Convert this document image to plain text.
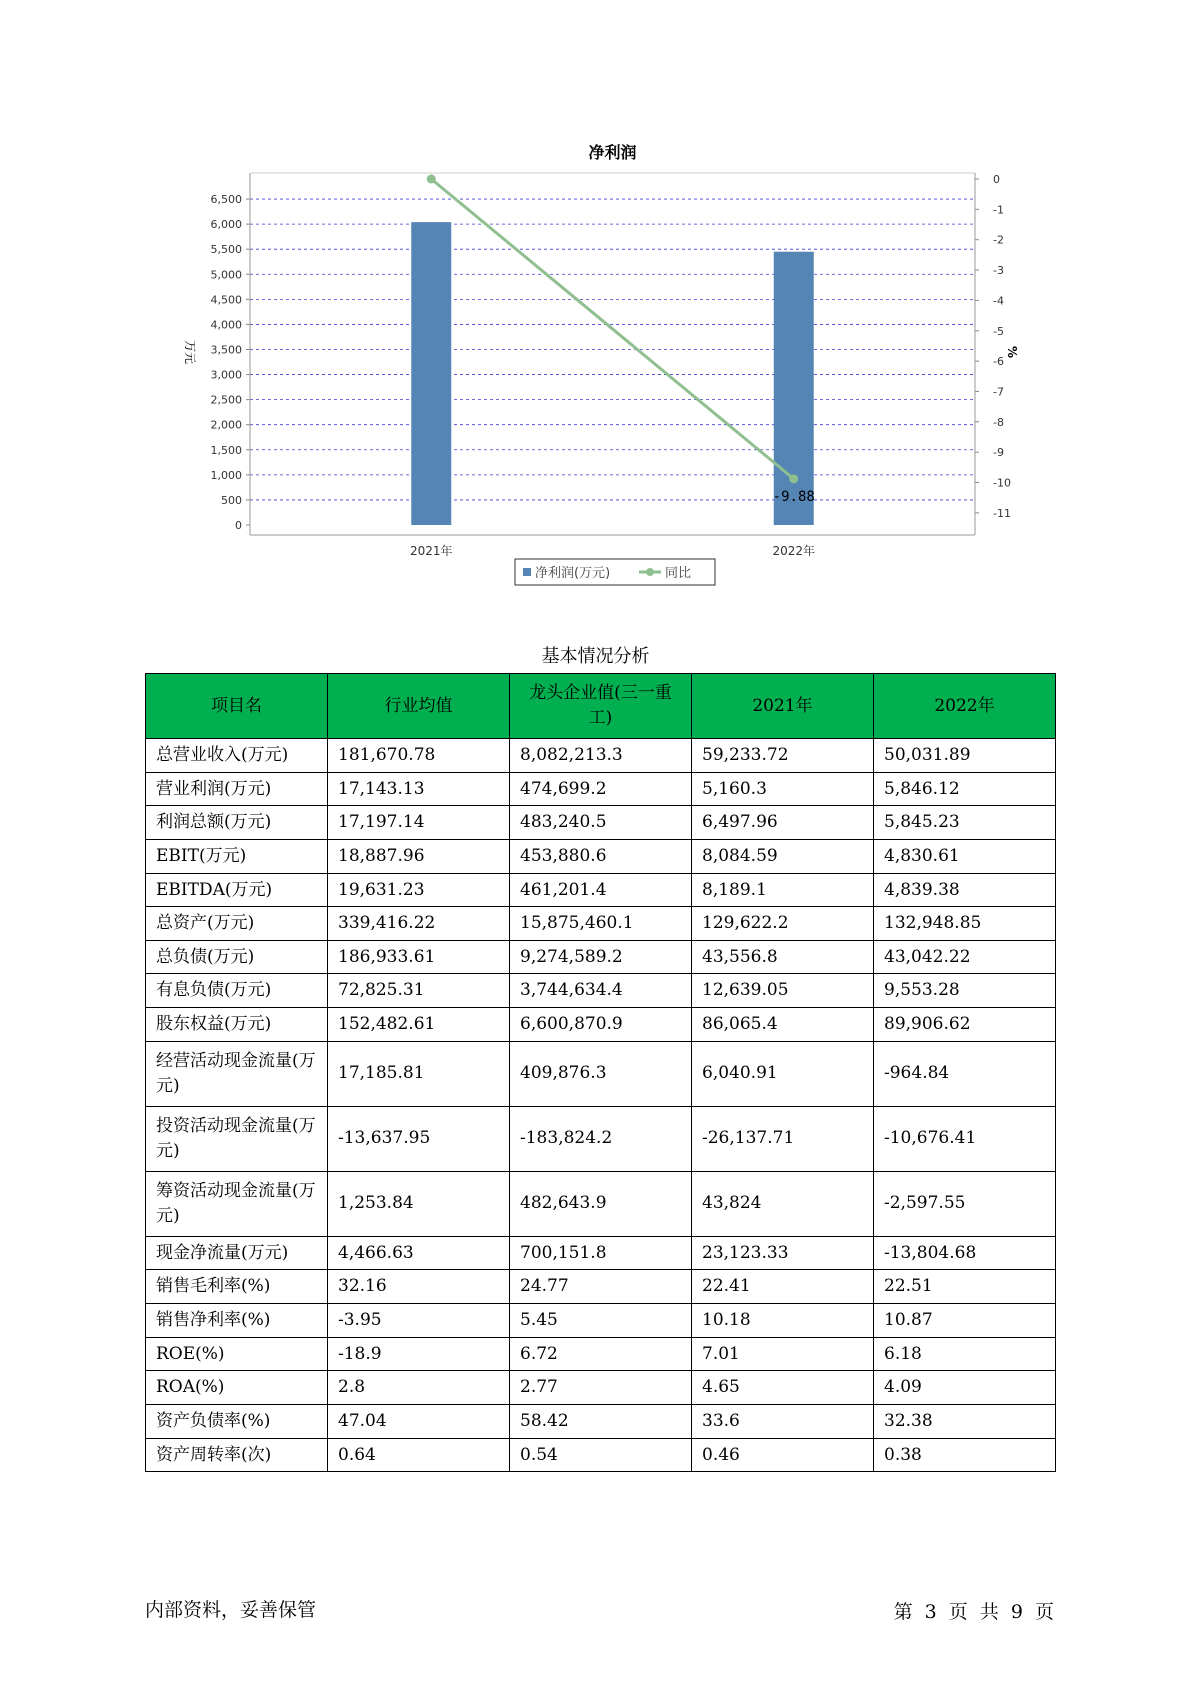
净利润
0
500
1,000
1,500
2,000
2,500
3,000
3,500
4,000
4,500
5,000
5,500
6,000
6,500
0
-1
-2
-3
-4
-5
-6
-7
-8
-9
-10
-11
万元	%
2021年	2022年
-9.88
净利润(万元)	同比
基本情况分析
项目名	行业均值	龙头企业值(三一重工)	2021年	2022年
总营业收入(万元)	181,670.78	8,082,213.3	59,233.72	50,031.89
营业利润(万元)	17,143.13	474,699.2	5,160.3	5,846.12
利润总额(万元)	17,197.14	483,240.5	6,497.96	5,845.23
EBIT(万元)	18,887.96	453,880.6	8,084.59	4,830.61
EBITDA(万元)	19,631.23	461,201.4	8,189.1	4,839.38
总资产(万元)	339,416.22	15,875,460.1	129,622.2	132,948.85
总负债(万元)	186,933.61	9,274,589.2	43,556.8	43,042.22
有息负债(万元)	72,825.31	3,744,634.4	12,639.05	9,553.28
股东权益(万元)	152,482.61	6,600,870.9	86,065.4	89,906.62
经营活动现金流量(万元)	17,185.81	409,876.3	6,040.91	-964.84
投资活动现金流量(万元)	-13,637.95	-183,824.2	-26,137.71	-10,676.41
筹资活动现金流量(万元)	1,253.84	482,643.9	43,824	-2,597.55
现金净流量(万元)	4,466.63	700,151.8	23,123.33	-13,804.68
销售毛利率(%)	32.16	24.77	22.41	22.51
销售净利率(%)	-3.95	5.45	10.18	10.87
ROE(%)	-18.9	6.72	7.01	6.18
ROA(%)	2.8	2.77	4.65	4.09
资产负债率(%)	47.04	58.42	33.6	32.38
资产周转率(次)	0.64	0.54	0.46	0.38
内部资料，妥善保管	第 3 页 共 9 页
